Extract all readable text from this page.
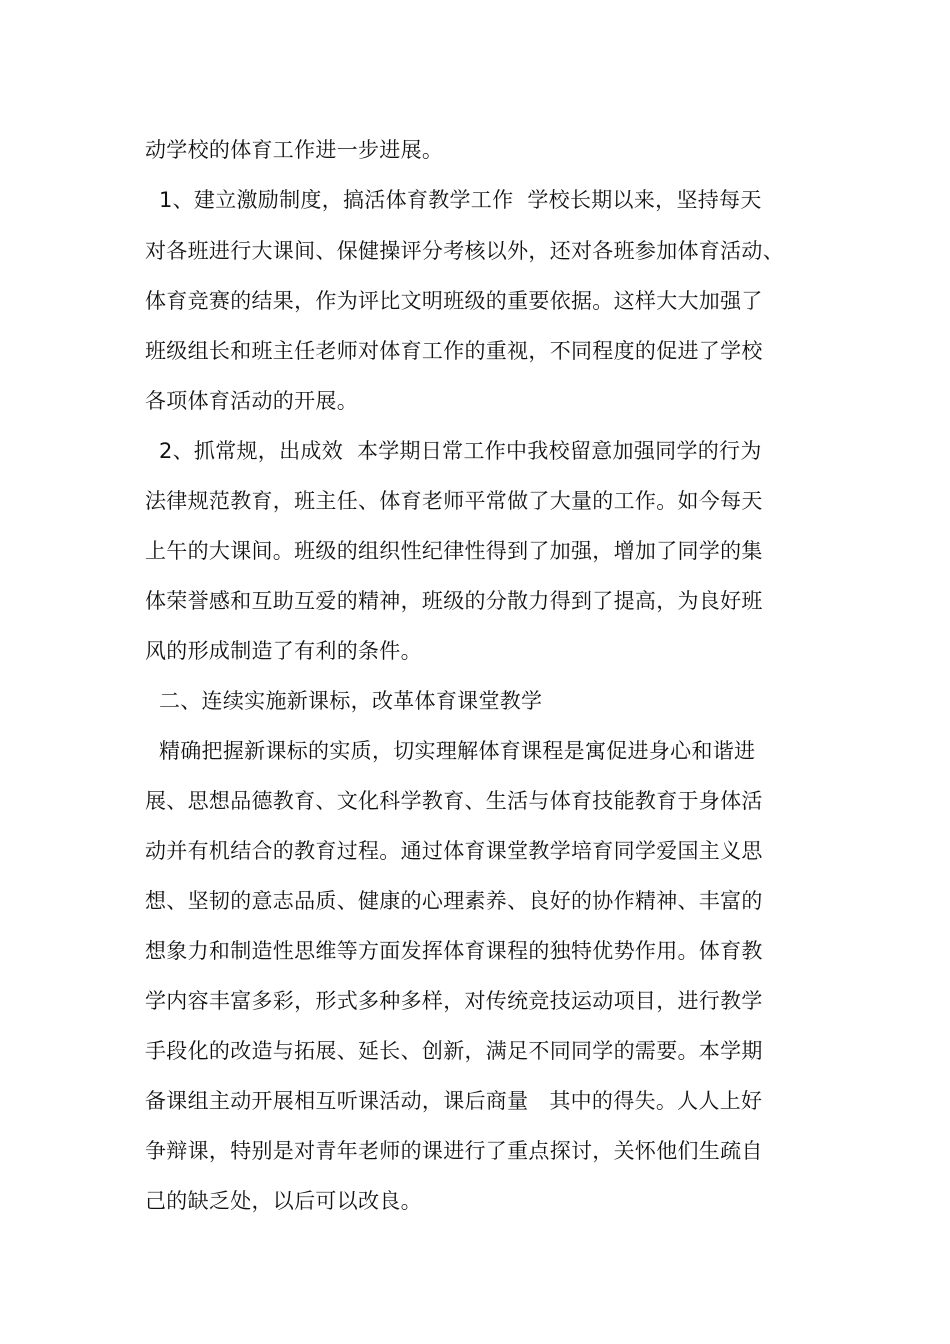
动学校的体育工作进一步进展。
1、建立激励制度，搞活体育教学工作  学校长期以来，坚持每天
对各班进行大课间、保健操评分考核以外，还对各班参加体育活动、
体育竞赛的结果，作为评比文明班级的重要依据。这样大大加强了
班级组长和班主任老师对体育工作的重视，不同程度的促进了学校
各项体育活动的开展。
2、抓常规，出成效  本学期日常工作中我校留意加强同学的行为
法律规范教育，班主任、体育老师平常做了大量的工作。如今每天
上午的大课间。班级的组织性纪律性得到了加强，增加了同学的集
体荣誉感和互助互爱的精神，班级的分散力得到了提高，为良好班
风的形成制造了有利的条件。
二、连续实施新课标，改革体育课堂教学
精确把握新课标的实质，切实理解体育课程是寓促进身心和谐进
展、思想品德教育、文化科学教育、生活与体育技能教育于身体活
动并有机结合的教育过程。通过体育课堂教学培育同学爱国主义思
想、坚韧的意志品质、健康的心理素养、良好的协作精神、丰富的
想象力和制造性思维等方面发挥体育课程的独特优势作用。体育教
学内容丰富多彩，形式多种多样，对传统竞技运动项目，进行教学
手段化的改造与拓展、延长、创新，满足不同同学的需要。本学期
备课组主动开展相互听课活动，课后商量   其中的得失。人人上好
争辩课，特别是对青年老师的课进行了重点探讨，关怀他们生疏自
己的缺乏处，以后可以改良。
